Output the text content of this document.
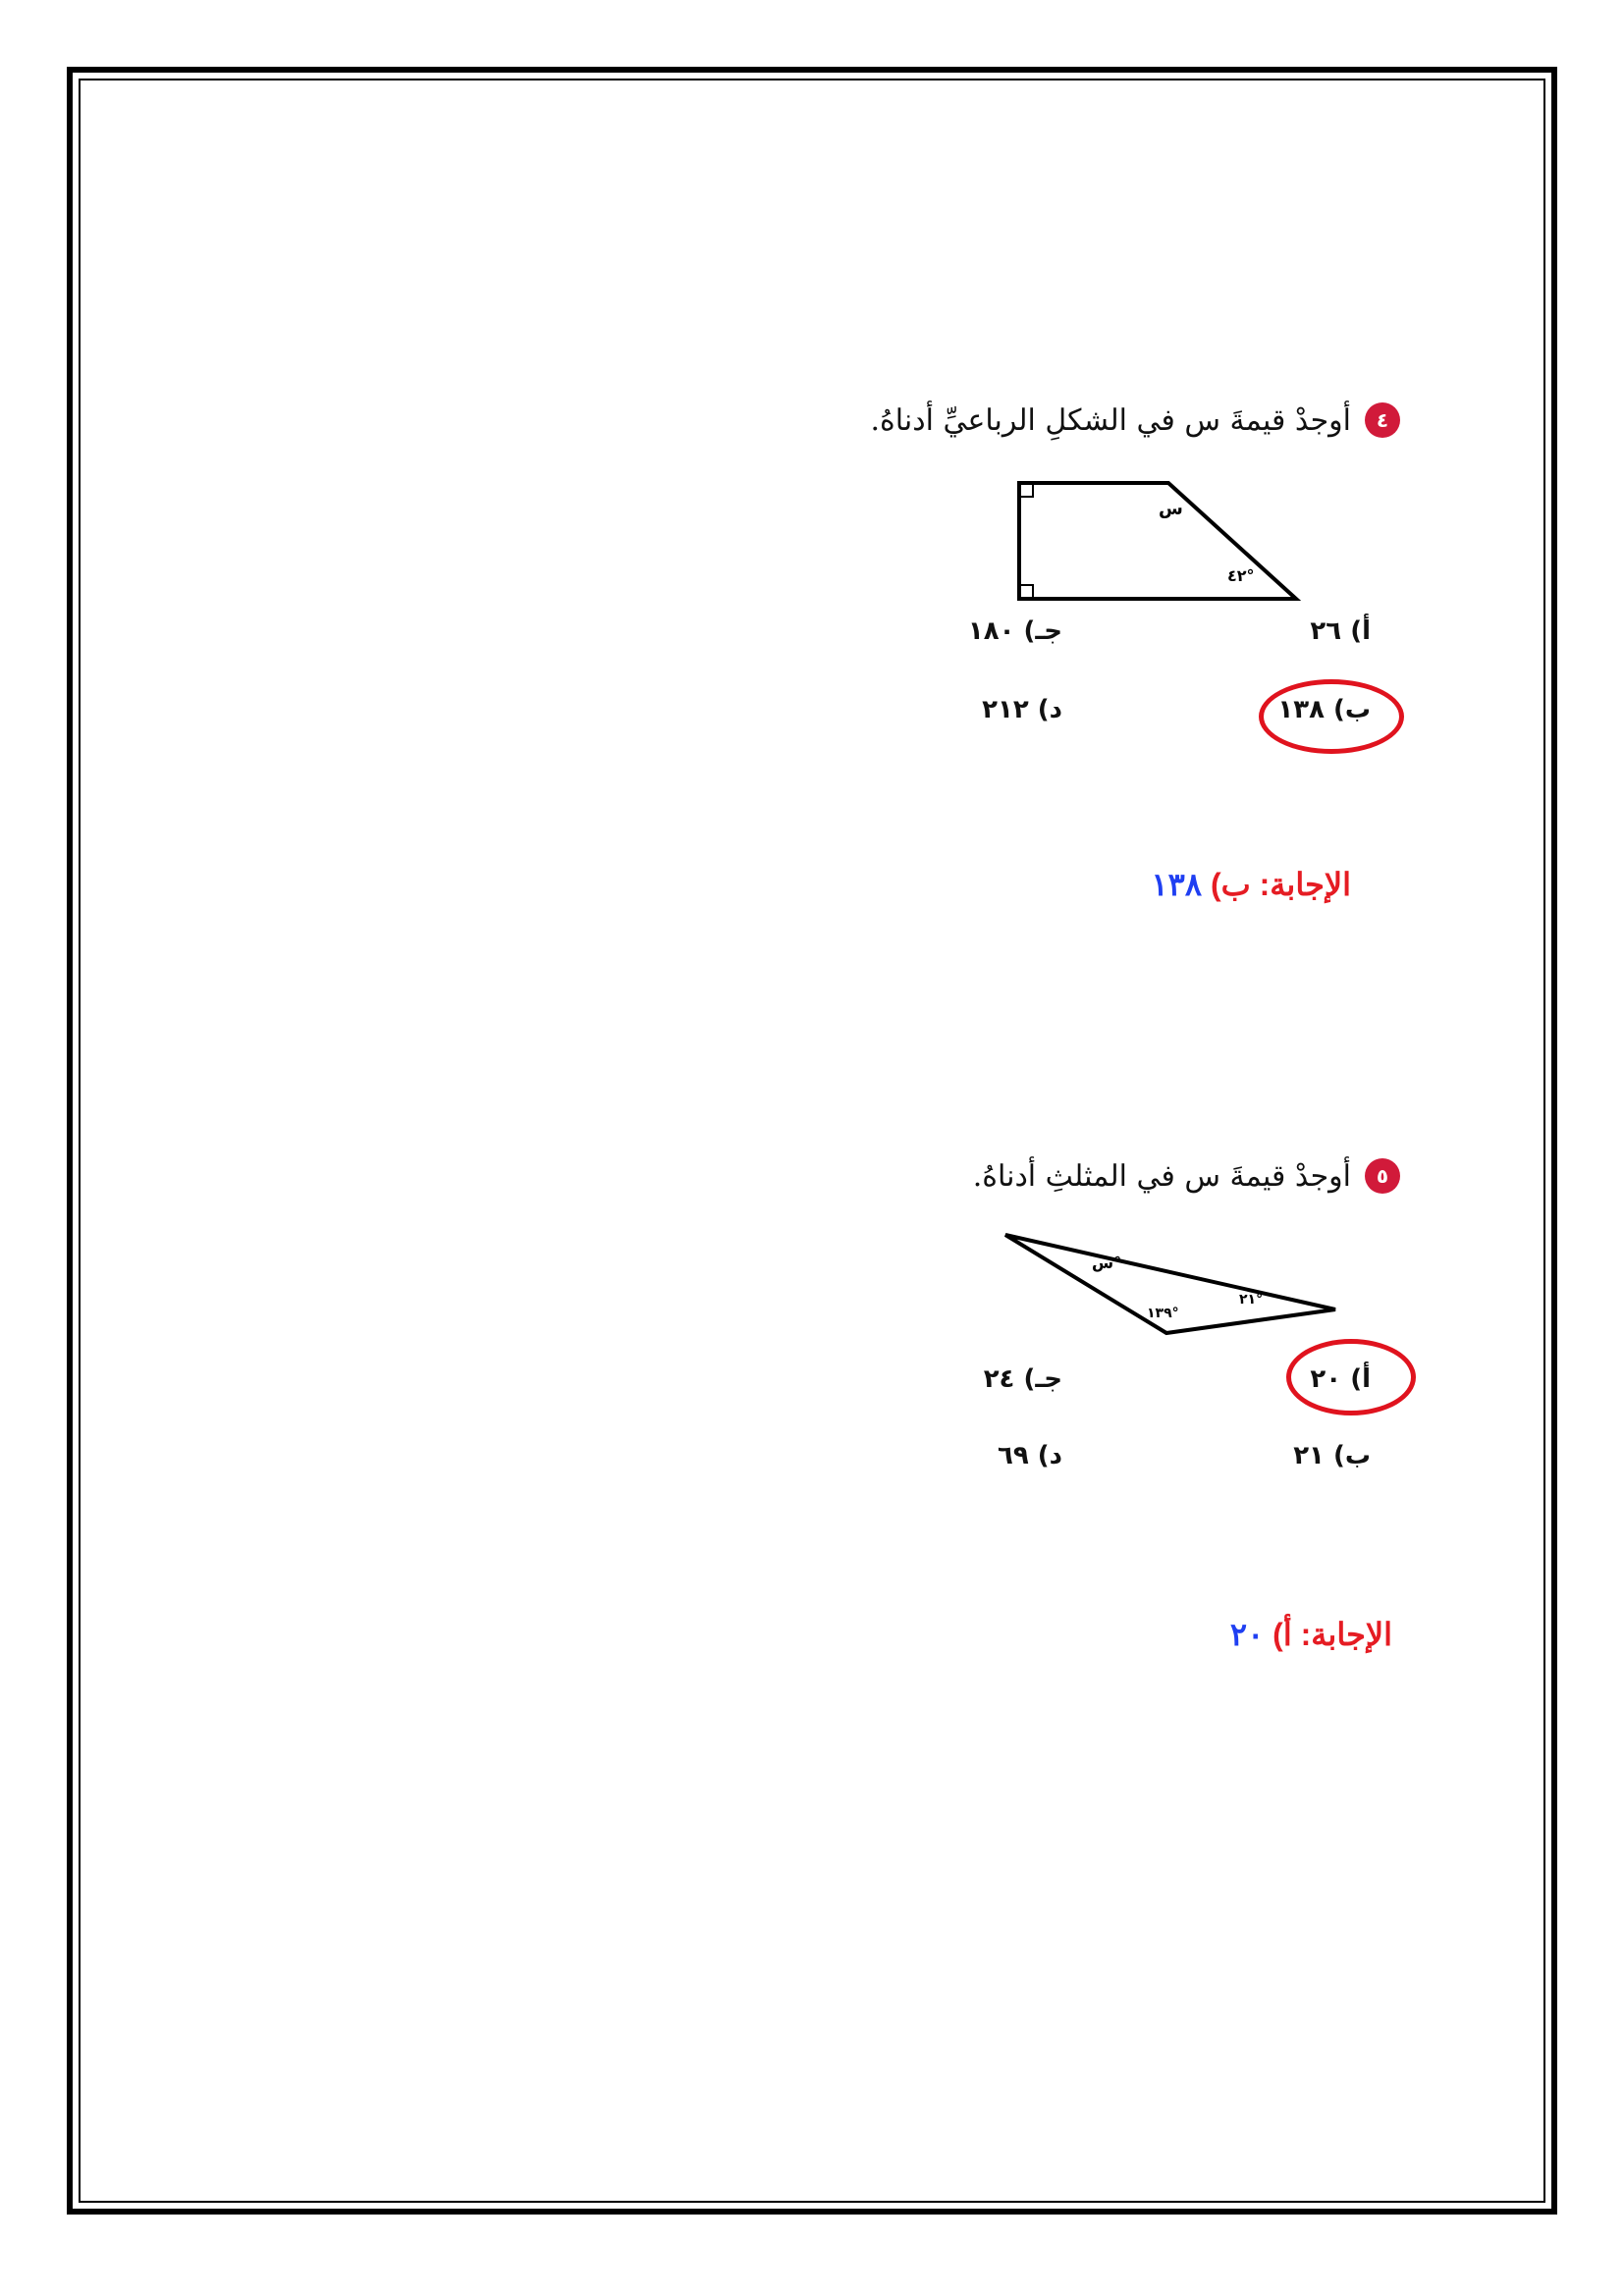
٤
أوجدْ قيمةَ س في الشكلِ الرباعيِّ أدناهُ.
س
٤٢°
أ) ٢٦
جـ) ١٨٠
ب) ١٣٨
د) ٢١٢
الإجابة: ب) ١٣٨
٥
أوجدْ قيمةَ س في المثلثِ أدناهُ.
س°
٢١°
١٣٩°
أ) ٢٠
جـ) ٢٤
ب) ٢١
د) ٦٩
الإجابة: أ) ٢٠
